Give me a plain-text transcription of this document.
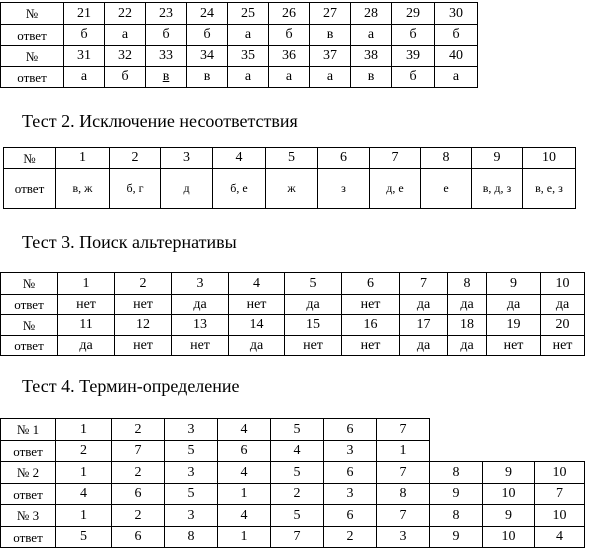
№	21	22	23	24	25	26	27	28	29	30
ответ	б	а	б	б	а	б	в	а	б	б
№	31	32	33	34	35	36	37	38	39	40
ответ	а	б	в	в	а	а	а	в	б	а
Тест 2. Исключение несоответствия
№	1	2	3	4	5	6	7	8	9	10
ответ	в, ж	б, г	д	б, е	ж	з	д, е	е	в, д, з	в, е, з
Тест 3. Поиск альтернативы
№	1	2	3	4	5	6	7	8	9	10
ответ	нет	нет	да	нет	да	нет	да	да	да	да
№	11	12	13	14	15	16	17	18	19	20
ответ	да	нет	нет	да	нет	нет	да	да	нет	нет
Тест 4. Термин-определение
№ 1	1	2	3	4	5	6	7			
ответ	2	7	5	6	4	3	1			
№ 2	1	2	3	4	5	6	7	8	9	10
ответ	4	6	5	1	2	3	8	9	10	7
№ 3	1	2	3	4	5	6	7	8	9	10
ответ	5	6	8	1	7	2	3	9	10	4
